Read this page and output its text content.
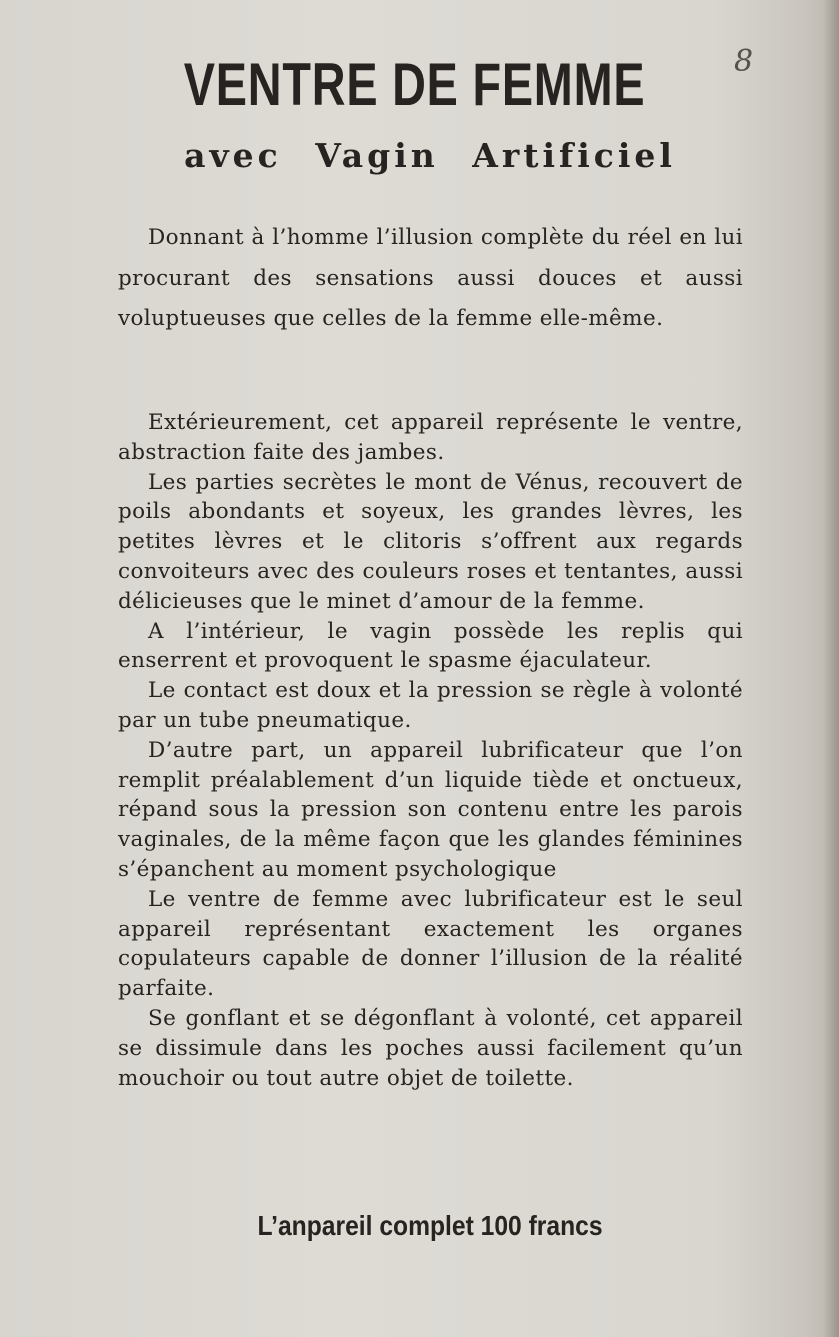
8
VENTRE DE FEMME
avec Vagin Artificiel

Donnant à l’homme l’illusion complète du réel en lui procurant des sensations aussi douces et aussi voluptueuses que celles de la femme elle-même.

Extérieurement, cet appareil représente le ventre, abstraction faite des jambes.

Les parties secrètes le mont de Vénus, recouvert de poils abondants et soyeux, les grandes lèvres, les petites lèvres et le clitoris s’offrent aux regards convoiteurs avec des couleurs roses et tentantes, aussi délicieuses que le minet d’amour de la femme.

A l’intérieur, le vagin possède les replis qui enserrent et provoquent le spasme éjaculateur.

Le contact est doux et la pression se règle à volonté par un tube pneumatique.

D’autre part, un appareil lubrificateur que l’on remplit préalablement d’un liquide tiède et onctueux, répand sous la pression son contenu entre les parois vaginales, de la même façon que les glandes féminines s’épanchent au moment psychologique

Le ventre de femme avec lubrificateur est le seul appareil représentant exactement les organes copulateurs capable de donner l’illusion de la réalité parfaite.

Se gonflant et se dégonflant à volonté, cet appareil se dissimule dans les poches aussi facilement qu’un mouchoir ou tout autre objet de toilette.

L’anpareil complet 100 francs
